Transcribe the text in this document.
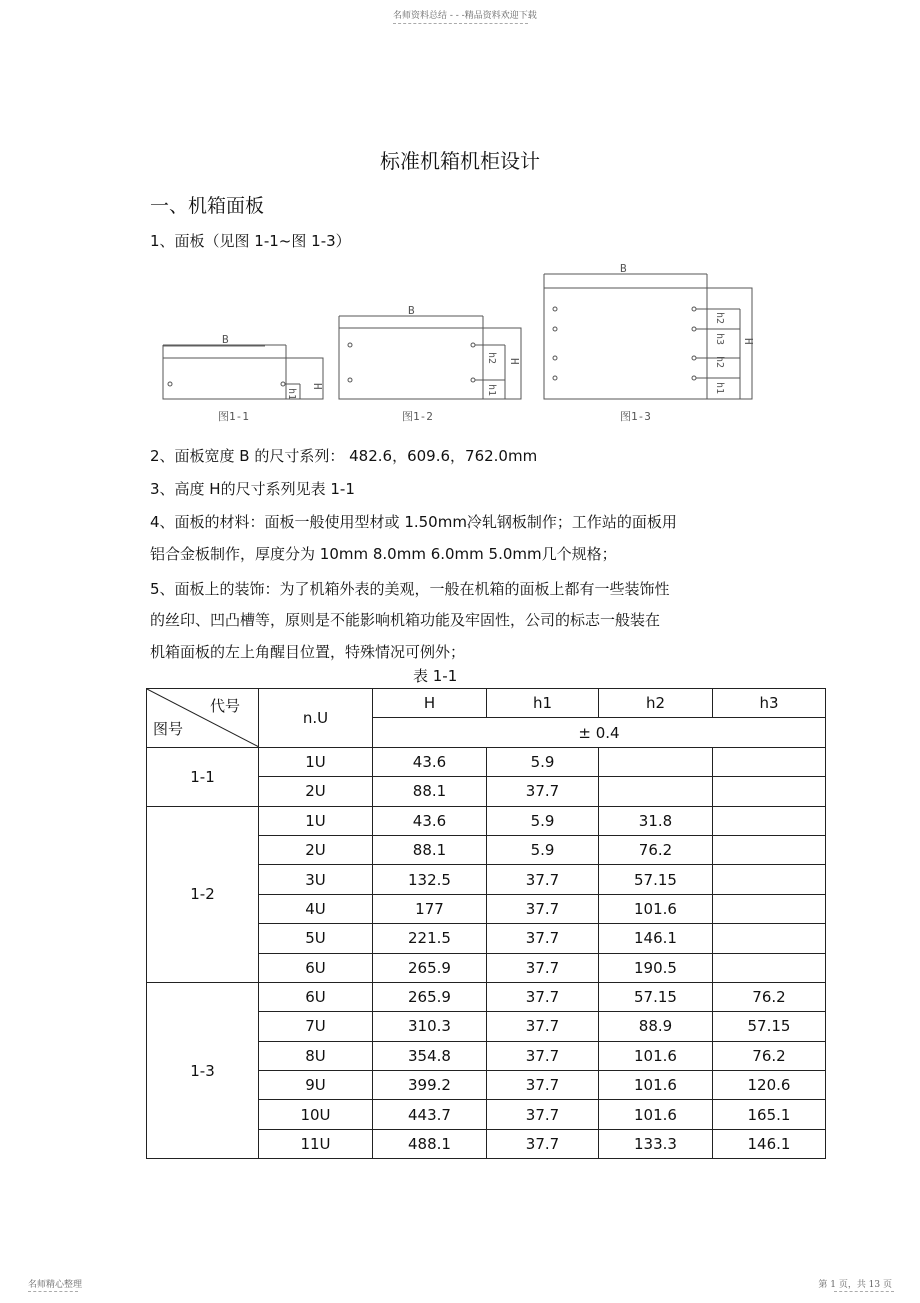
名师资料总结 - - -精品资料欢迎下载
标准机箱机柜设计
一、机箱面板
1、面板（见图 1-1~图 1-3）
B
H
h1
B
H
h2
h1
B
H
h2
h3
h2
h1
图1-1	图1-2	图1-3
2、面板宽度 B 的尺寸系列： 482.6，609.6，762.0mm
3、高度 H的尺寸系列见表 1-1
4、面板的材料：面板一般使用型材或 1.50mm冷轧钢板制作；工作站的面板用
铝合金板制作，厚度分为 10mm 8.0mm 6.0mm 5.0mm几个规格；
5、面板上的装饰：为了机箱外表的美观，一般在机箱的面板上都有一些装饰性
的丝印、凹凸槽等，原则是不能影响机箱功能及牢固性，公司的标志一般装在
机箱面板的左上角醒目位置，特殊情况可例外；
表 1-1
代号
图号	n.U	H	h1	h2	h3
		± 0.4			
1-1	1U	43.6	5.9		
	2U	88.1	37.7		
1-2	1U	43.6	5.9	31.8	
	2U	88.1	5.9	76.2	
	3U	132.5	37.7	57.15	
	4U	177	37.7	101.6	
	5U	221.5	37.7	146.1	
	6U	265.9	37.7	190.5	
1-3	6U	265.9	37.7	57.15	76.2
	7U	310.3	37.7	88.9	57.15
	8U	354.8	37.7	101.6	76.2
	9U	399.2	37.7	101.6	120.6
	10U	443.7	37.7	101.6	165.1
	11U	488.1	37.7	133.3	146.1
名师精心整理	第 1 页，共 13 页
